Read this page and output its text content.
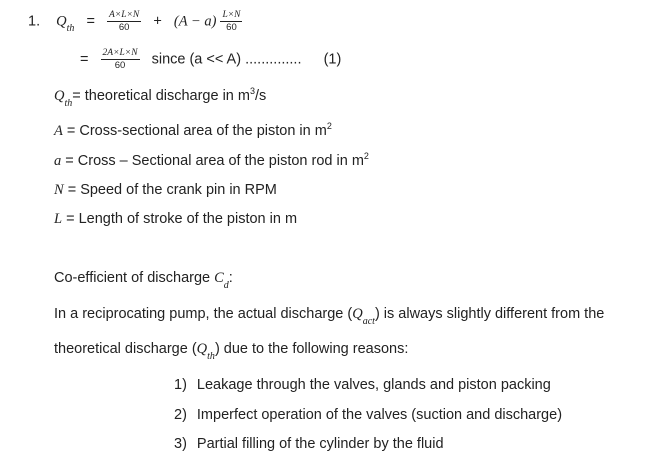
1. $Q_{th} = \frac{A\times L\times N}{60} + (A - a) \frac{L\times N}{60}$
= $\frac{2A\times L\times N}{60}$ since (a << A) .............. (1)
$Q_{th}=$ theoretical discharge in $m^3/s$
A = Cross-sectional area of the piston in $m^2$
a = Cross – Sectional area of the piston rod in $m^2$
N = Speed of the crank pin in RPM
L = Length of stroke of the piston in m
Co-efficient of discharge $C_d$:
In a reciprocating pump, the actual discharge $(Q_{act})$ is always slightly different from the
theoretical discharge $(Q_{th})$ due to the following reasons:
1) Leakage through the valves, glands and piston packing
2) Imperfect operation of the valves (suction and discharge)
3) Partial filling of the cylinder by the fluid
